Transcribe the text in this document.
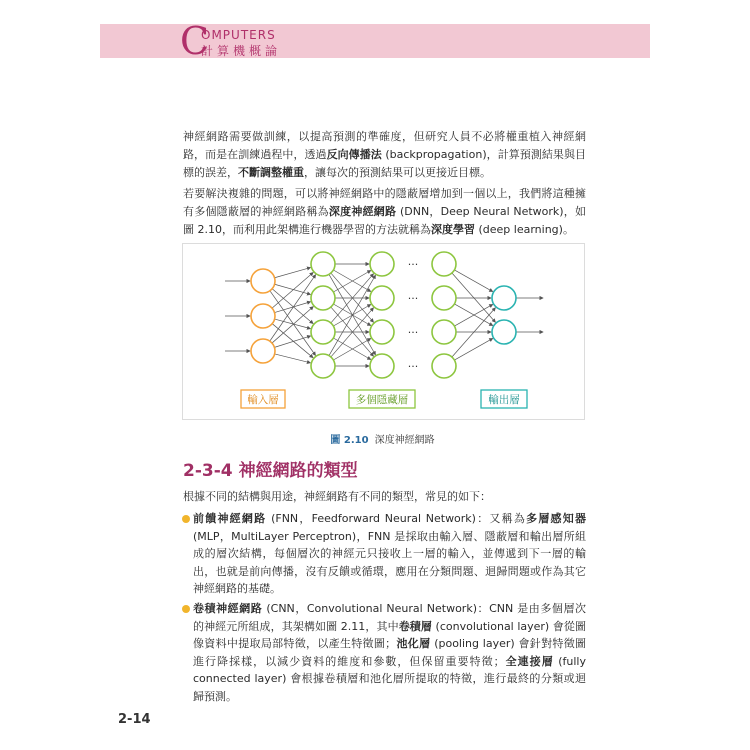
C
OMPUTERS
計算機概論

神經網路需要做訓練，以提高預測的準確度，但研究人員不必將權重植入神經網路，而是在訓練過程中，透過反向傳播法 (backpropagation)，計算預測結果與目標的誤差，不斷調整權重，讓每次的預測結果可以更接近目標。

若要解決複雜的問題，可以將神經網路中的隱蔽層增加到一個以上，我們將這種擁有多個隱蔽層的神經網路稱為深度神經網路 (DNN，Deep Neural Network)，如圖 2.10，而利用此架構進行機器學習的方法就稱為深度學習 (deep learning)。

···
···
···
···
輸入層	多個隱藏層	輸出層
圖 2.10 深度神經網路
2-3-4 神經網路的類型

根據不同的結構與用途，神經網路有不同的類型，常見的如下：

前饋神經網路 (FNN，Feedforward Neural Network)：又稱為多層感知器 (MLP，MultiLayer Perceptron)，FNN 是採取由輸入層、隱蔽層和輸出層所組成的層次結構，每個層次的神經元只接收上一層的輸入，並傳遞到下一層的輸出，也就是前向傳播，沒有反饋或循環，應用在分類問題、迴歸問題或作為其它神經網路的基礎。

卷積神經網路 (CNN，Convolutional Neural Network)：CNN 是由多個層次的神經元所組成，其架構如圖 2.11，其中卷積層 (convolutional layer) 會從圖像資料中提取局部特徵，以產生特徵圖；池化層 (pooling layer) 會針對特徵圖進行降採樣，以減少資料的維度和參數，但保留重要特徵；全連接層 (fully connected layer) 會根據卷積層和池化層所提取的特徵，進行最終的分類或迴歸預測。

2-14
